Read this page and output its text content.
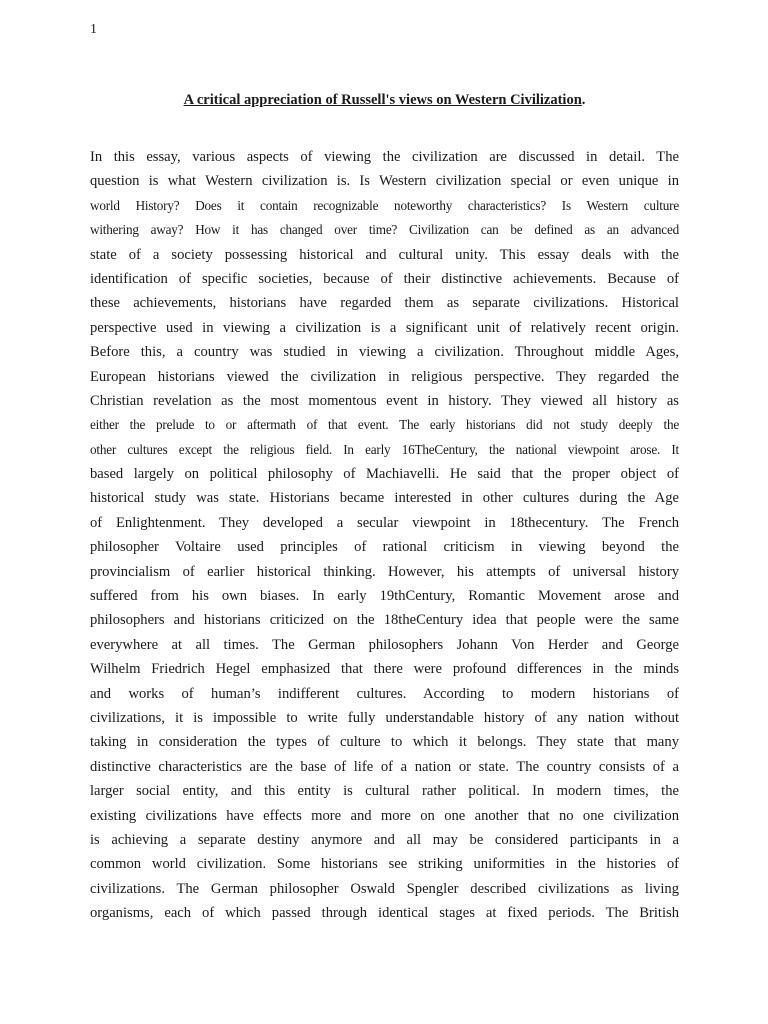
1
A critical appreciation of Russell's views on Western Civilization.
In this essay, various aspects of viewing the civilization are discussed in detail. The
question is what Western civilization is. Is Western civilization special or even unique in
world History? Does it contain recognizable noteworthy characteristics? Is Western culture
withering away? How it has changed over time? Civilization can be defined as an advanced
state of a society possessing historical and cultural unity. This essay deals with the
identification of specific societies, because of their distinctive achievements. Because of
these achievements, historians have regarded them as separate civilizations. Historical
perspective used in viewing a civilization is a significant unit of relatively recent origin.
Before this, a country was studied in viewing a civilization. Throughout middle Ages,
European historians viewed the civilization in religious perspective. They regarded the
Christian revelation as the most momentous event in history. They viewed all history as
either the prelude to or aftermath of that event. The early historians did not study deeply the
other cultures except the religious field. In early 16TheCentury, the national viewpoint arose. It
based largely on political philosophy of Machiavelli. He said that the proper object of
historical study was state. Historians became interested in other cultures during the Age
of Enlightenment. They developed a secular viewpoint in 18thecentury. The French
philosopher Voltaire used principles of rational criticism in viewing beyond the
provincialism of earlier historical thinking. However, his attempts of universal history
suffered from his own biases. In early 19thCentury, Romantic Movement arose and
philosophers and historians criticized on the 18theCentury idea that people were the same
everywhere at all times. The German philosophers Johann Von Herder and George
Wilhelm Friedrich Hegel emphasized that there were profound differences in the minds
and works of human’s indifferent cultures. According to modern historians of
civilizations, it is impossible to write fully understandable history of any nation without
taking in consideration the types of culture to which it belongs. They state that many
distinctive characteristics are the base of life of a nation or state. The country consists of a
larger social entity, and this entity is cultural rather political. In modern times, the
existing civilizations have effects more and more on one another that no one civilization
is achieving a separate destiny anymore and all may be considered participants in a
common world civilization. Some historians see striking uniformities in the histories of
civilizations. The German philosopher Oswald Spengler described civilizations as living
organisms, each of which passed through identical stages at fixed periods. The British
